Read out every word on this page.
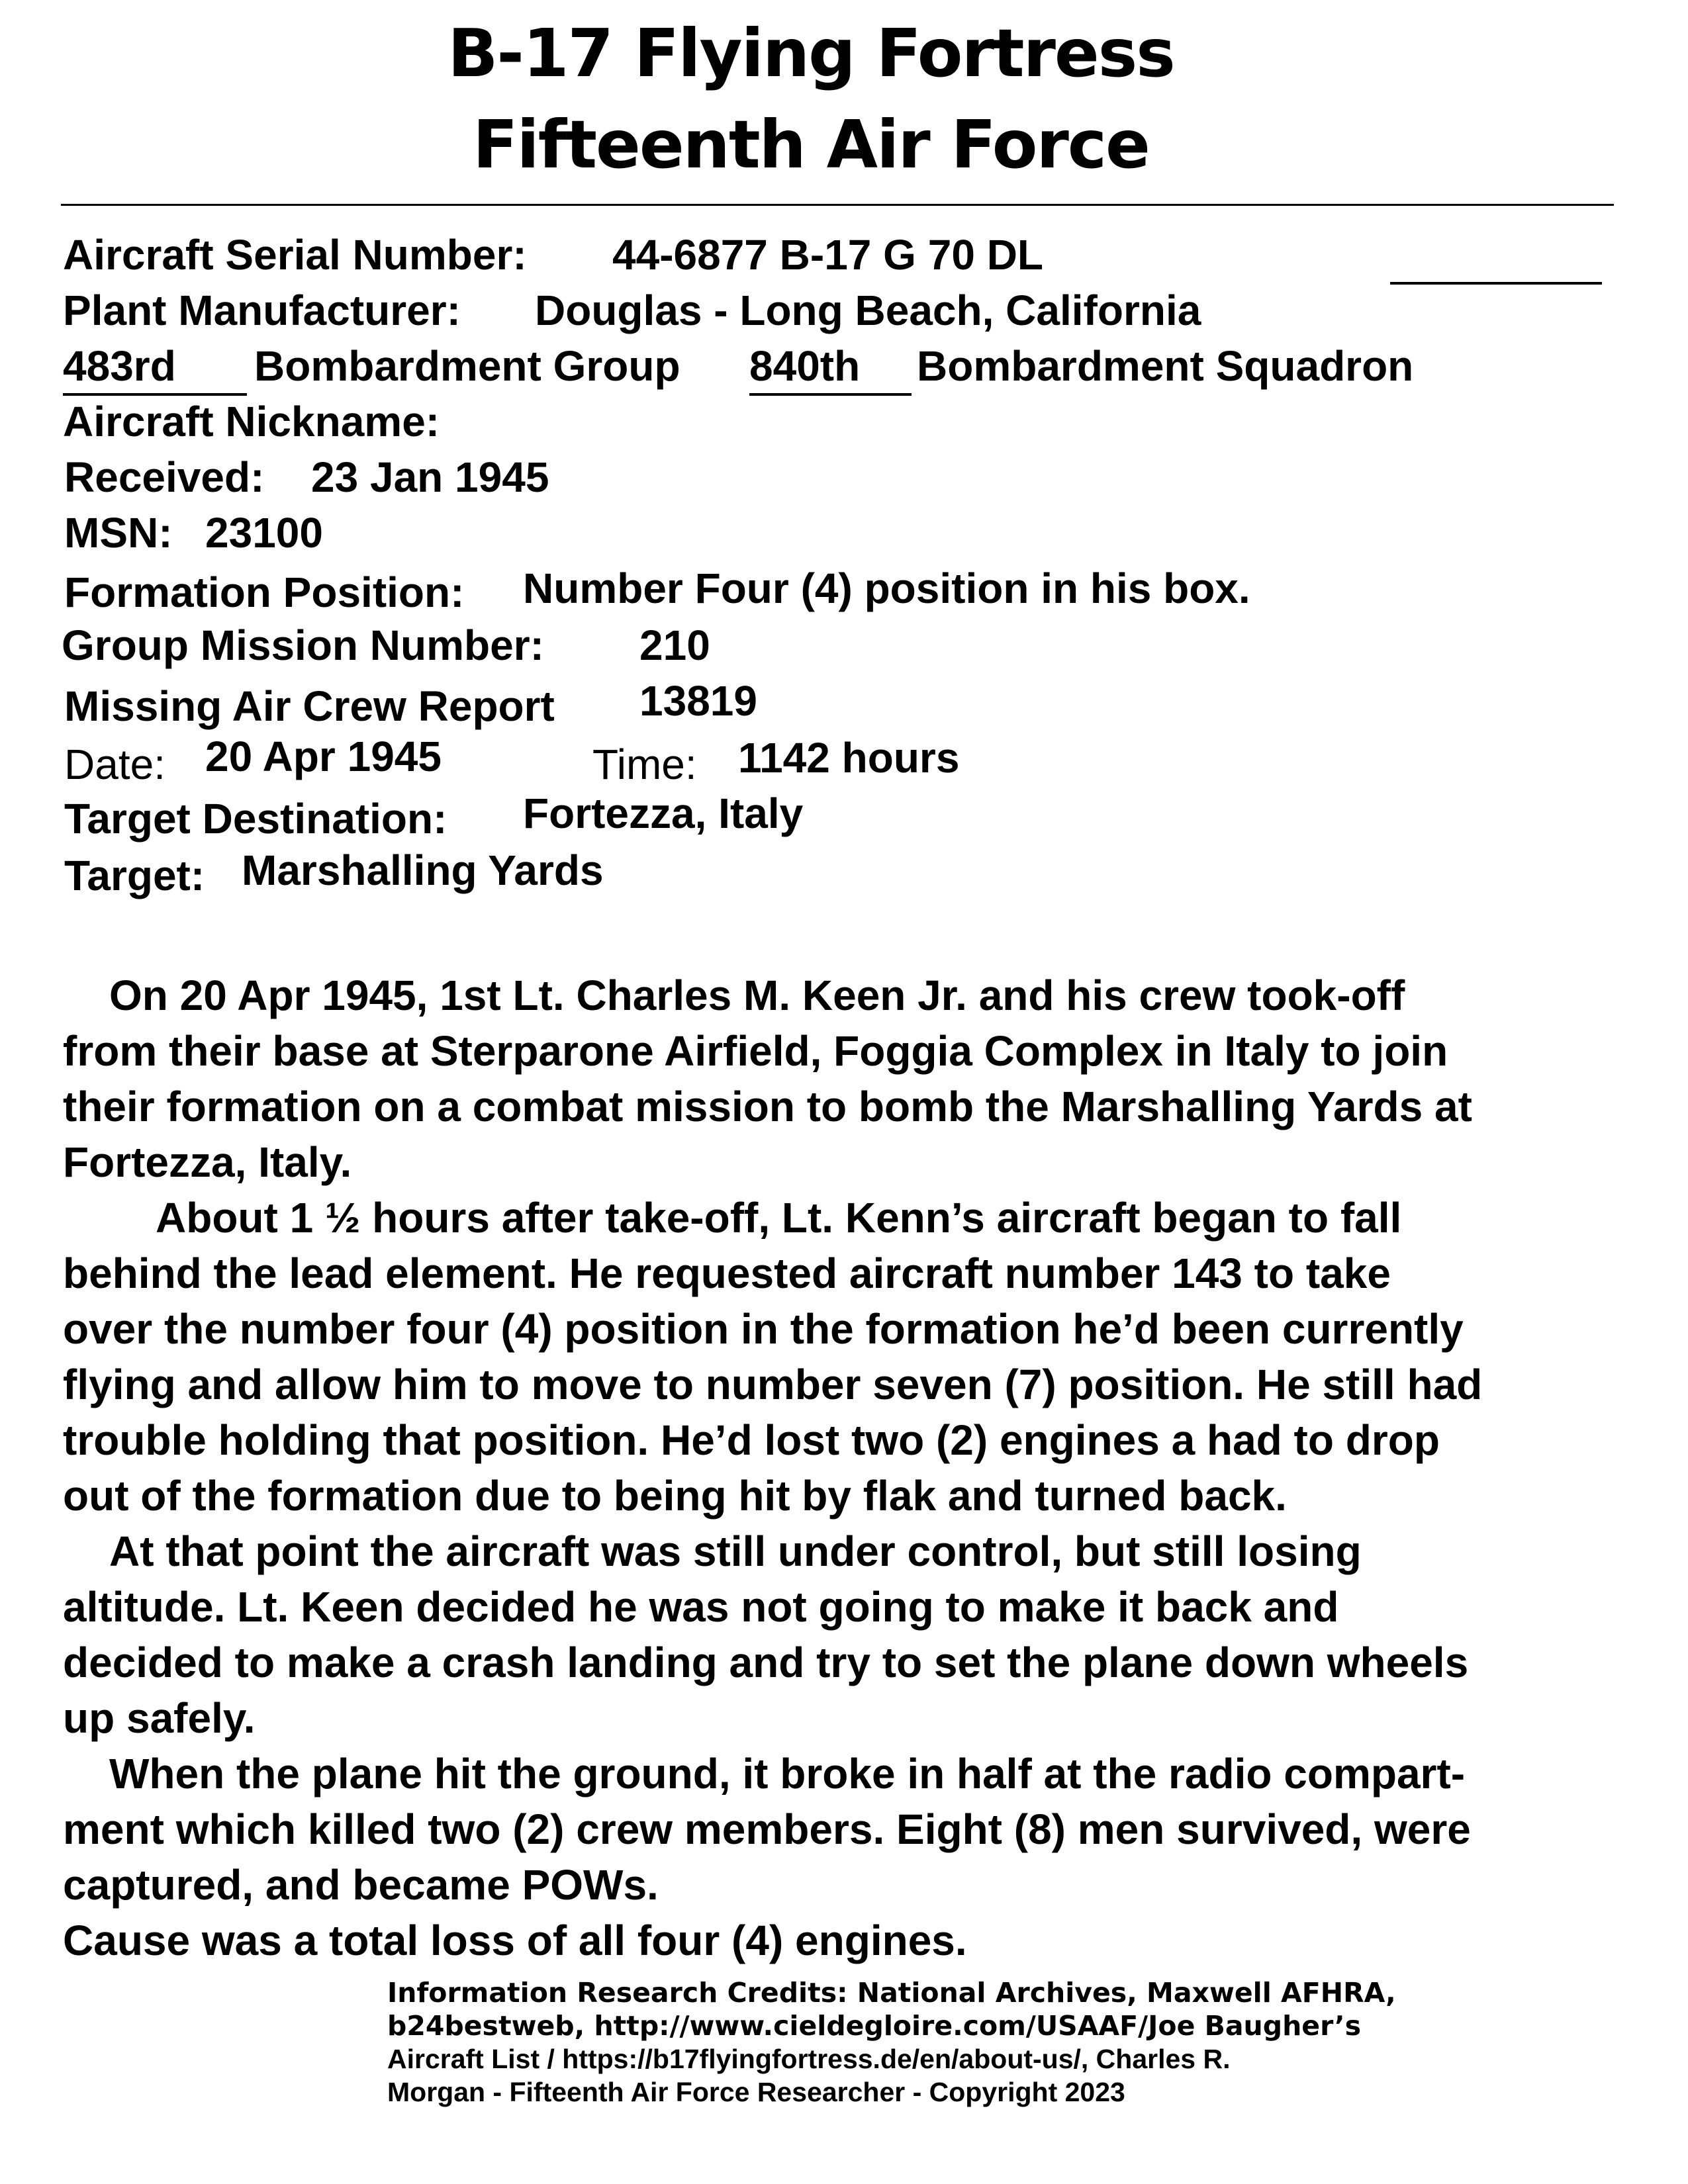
B-17 Flying Fortress
Fifteenth Air Force
Aircraft Serial Number: 44-6877 B-17 G 70 DL
Plant Manufacturer: Douglas - Long Beach, California
483rd	Bombardment Group 840th	Bombardment Squadron
Aircraft Nickname:
Received: 23 Jan 1945
MSN: 23100
Formation Position: Number Four (4) position in his box.
Group Mission Number: 210
Missing Air Crew Report 13819
Date: 20 Apr 1945	Time: 1142 hours
Target Destination: Fortezza, Italy
Target: Marshalling Yards

On 20 Apr 1945, 1st Lt. Charles M. Keen Jr. and his crew took-off
from their base at Sterparone Airfield, Foggia Complex in Italy to join
their formation on a combat mission to bomb the Marshalling Yards at
Fortezza, Italy.

About 1 ½ hours after take-off, Lt. Kenn’s aircraft began to fall
behind the lead element. He requested aircraft number 143 to take
over the number four (4) position in the formation he’d been currently
flying and allow him to move to number seven (7) position. He still had
trouble holding that position. He’d lost two (2) engines a had to drop
out of the formation due to being hit by flak and turned back.

At that point the aircraft was still under control, but still losing
altitude. Lt. Keen decided he was not going to make it back and
decided to make a crash landing and try to set the plane down wheels
up safely.

When the plane hit the ground, it broke in half at the radio compart-
ment which killed two (2) crew members. Eight (8) men survived, were
captured, and became POWs.
Cause was a total loss of all four (4) engines.

Information Research Credits: National Archives, Maxwell AFHRA,
b24bestweb, http://www.cieldegloire.com/USAAF/Joe Baugher’s
Aircraft List / https://b17flyingfortress.de/en/about-us/, Charles R.
Morgan - Fifteenth Air Force Researcher - Copyright 2023
